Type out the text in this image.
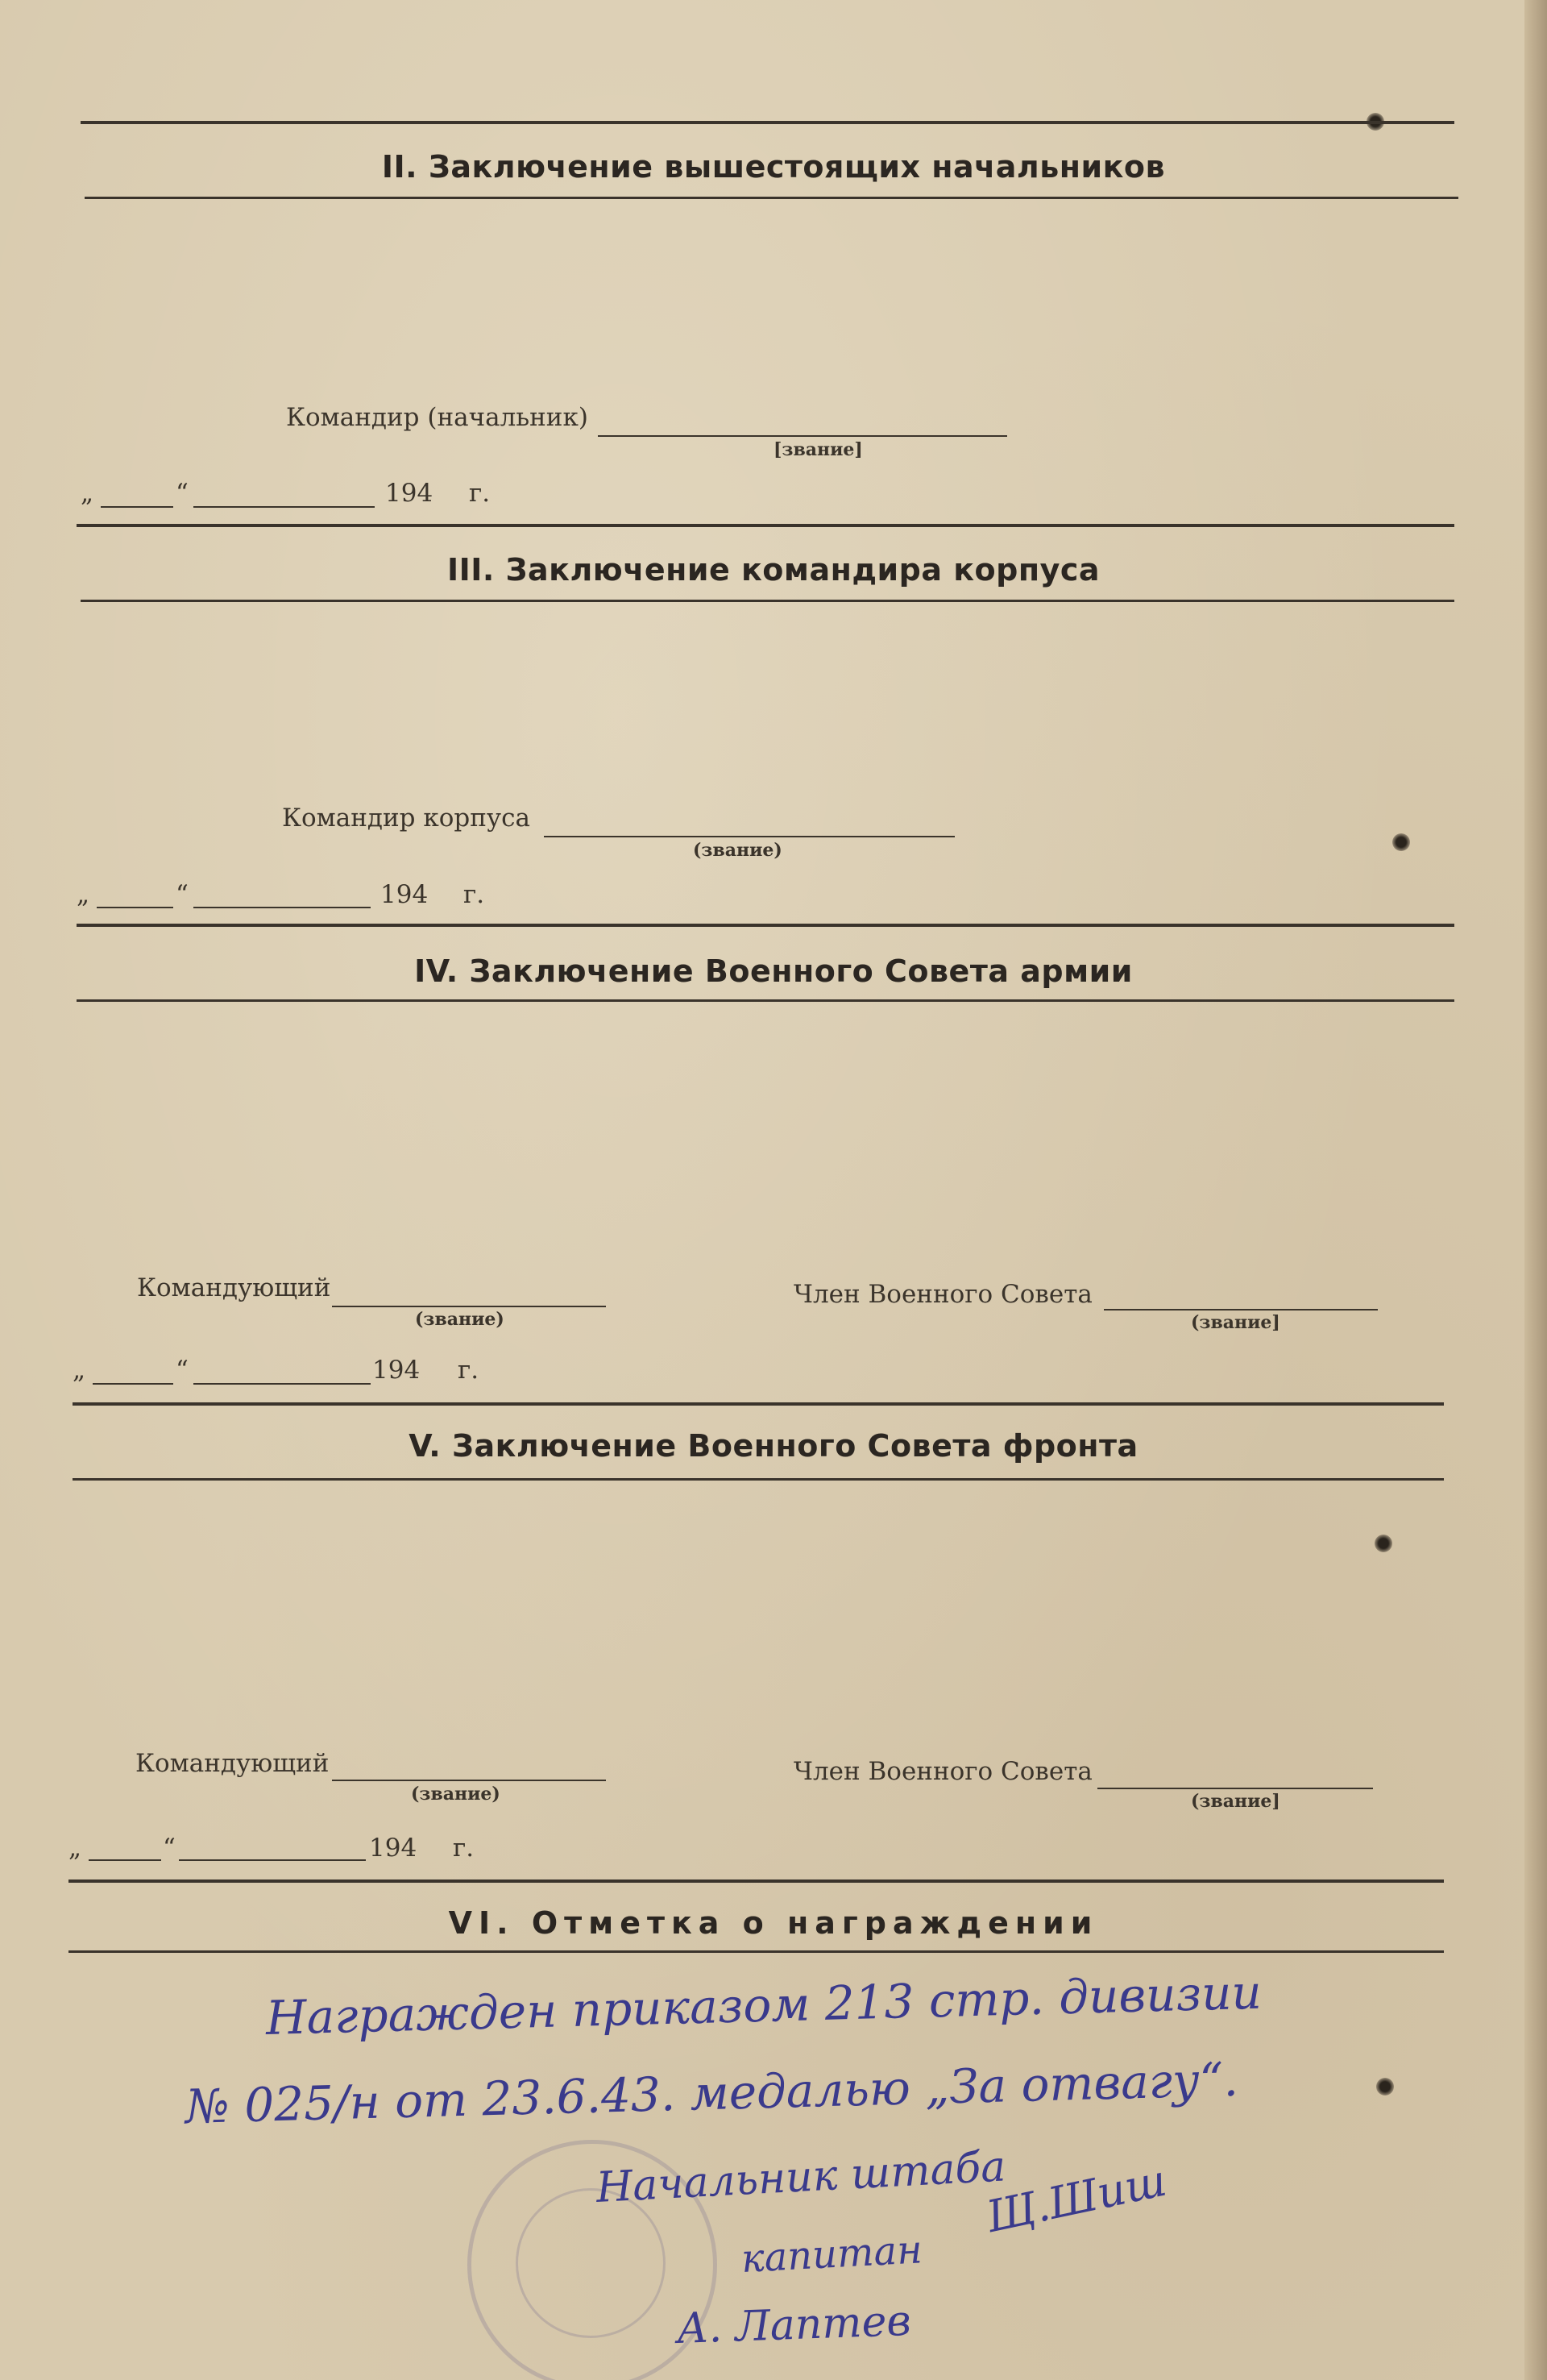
II. Заключение вышестоящих начальников
Командир (начальник)
[звание]
„	“	194 г.
III. Заключение командира корпуса
Командир корпуса
(звание)
„	“	194 г.
IV. Заключение Военного Совета армии
Командующий
(звание)
Член Военного Совета
(звание]
„	“	194 г.
V. Заключение Военного Совета фронта
Командующий
(звание)
Член Военного Совета
(звание]
„	“	194 г.
VI. Отметка о награждении
Награжден приказом 213 стр. дивизии
№ 025/н от 23.6.43. медалью „За отвагу“.
Начальник штаба
капитан
Щ.Шиш
А. Лаптев
